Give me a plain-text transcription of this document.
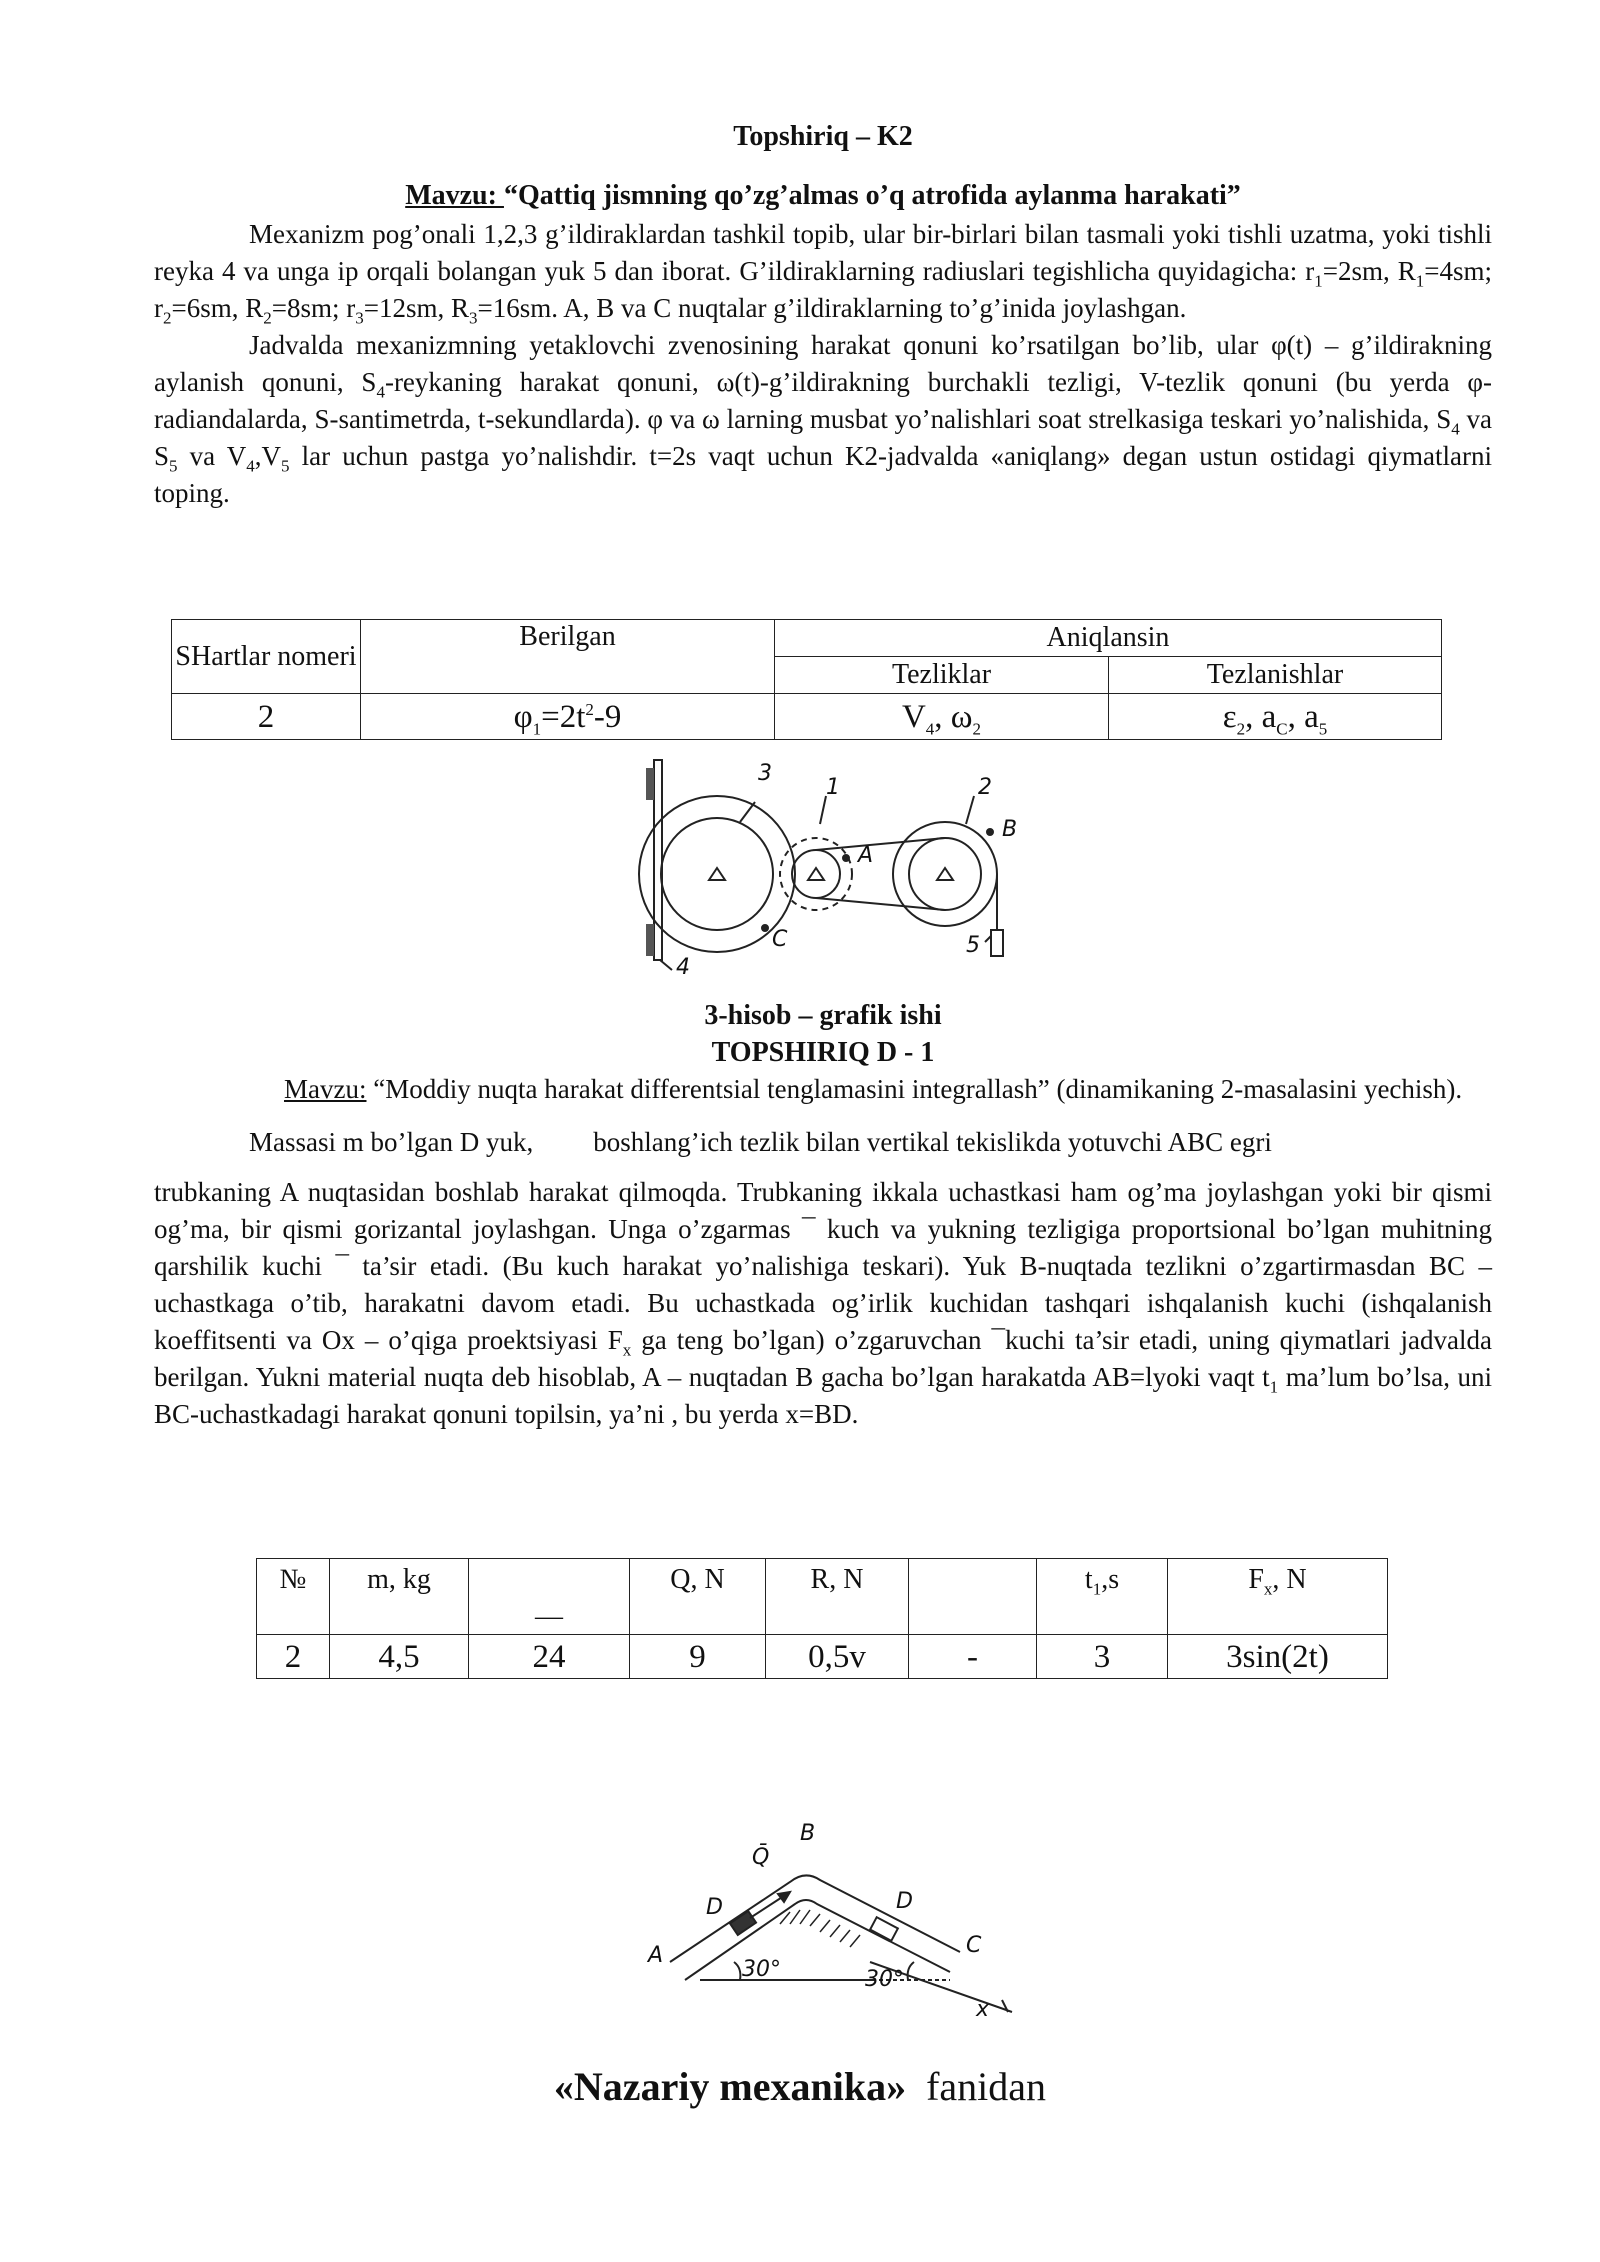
Topshiriq – K2
Mavzu: “Qattiq jismning qo’zg’almas o’q atrofida aylanma harakati”

Mexanizm pog’onali 1,2,3 g’ildiraklardan tashkil topib, ular bir-birlari bilan tasmali yoki tishli uzatma, yoki tishli reyka 4 va unga ip orqali bolangan yuk 5 dan iborat. G’ildiraklarning radiuslari tegishlicha quyidagicha: $r_1=2sm$, $R_1=4sm$; $r_2=6sm$, $R_2=8sm$; $r_3=12sm$, $R_3=16sm$. A, B va C nuqtalar g’ildiraklarning to’g’inida joylashgan.

Jadvalda mexanizmning yetaklovchi zvenosining harakat qonuni ko’rsatilgan bo’lib, ular φ(t) – g’ildirakning aylanish qonuni, $S_4$-reykaning harakat qonuni, ω(t)-g’ildirakning burchakli tezligi, V-tezlik qonuni (bu yerda φ-radiandalarda, S-santimetrda, t-sekundlarda). φ va ω larning musbat yo’nalishlari soat strelkasiga teskari yo’nalishida, $S_4$ va $S_5$ va $V_4,V_5$ lar uchun pastga yo’nalishdir. t=2s vaqt uchun K2-jadvalda «aniqlang» degan ustun ostidagi qiymatlarni toping.

SHartlar nomeri	Berilgan	Aniqlansin	
		Tezliklar	Tezlanishlar
2	$\varphi_1=2t^2-9$	$V_4$, $\omega_2$	$\varepsilon_2$, $a_C$, $a_5$
3
1	2
B
A
C	5
4
3-hisob – grafik ishi
TOPSHIRIQ D - 1

Mavzu: “Moddiy nuqta harakat differentsial tenglamasini integrallash” (dinamikaning 2-masalasini yechish).

Massasi m bo’lgan D yuk, boshlang’ich tezlik bilan vertikal tekislikda yotuvchi ABC egri

trubkaning A nuqtasidan boshlab harakat qilmoqda. Trubkaning ikkala uchastkasi ham og’ma joylashgan yoki bir qismi og’ma, bir qismi gorizantal joylashgan. Unga o’zgarmas ¯ kuch va yukning tezligiga proportsional bo’lgan muhitning qarshilik kuchi ¯ ta’sir etadi. (Bu kuch harakat yo’nalishiga teskari). Yuk B-nuqtada tezlikni o’zgartirmasdan BC – uchastkaga o’tib, harakatni davom etadi. Bu uchastkada og’irlik kuchidan tashqari ishqalanish kuchi (ishqalanish koeffitsenti va Ox – o’qiga proektsiyasi $F_x$ ga teng bo’lgan) o’zgaruvchan ¯kuchi ta’sir etadi, uning qiymatlari jadvalda berilgan. Yukni material nuqta deb hisoblab, A – nuqtadan B gacha bo’lgan harakatda AB=lyoki vaqt $t_1$ ma’lum bo’lsa, uni BC-uchastkadagi harakat qonuni topilsin, ya’ni , bu yerda x=BD.

№	m, kg	—	Q, N	R, N		$t_1,s$	$F_x$, N
2	4,5	24	9	0,5v	-	3	3sin(2t)
B
Q̄
D	D
A	C
30°	30°
x
«Nazariy mexanika»  fanidan
